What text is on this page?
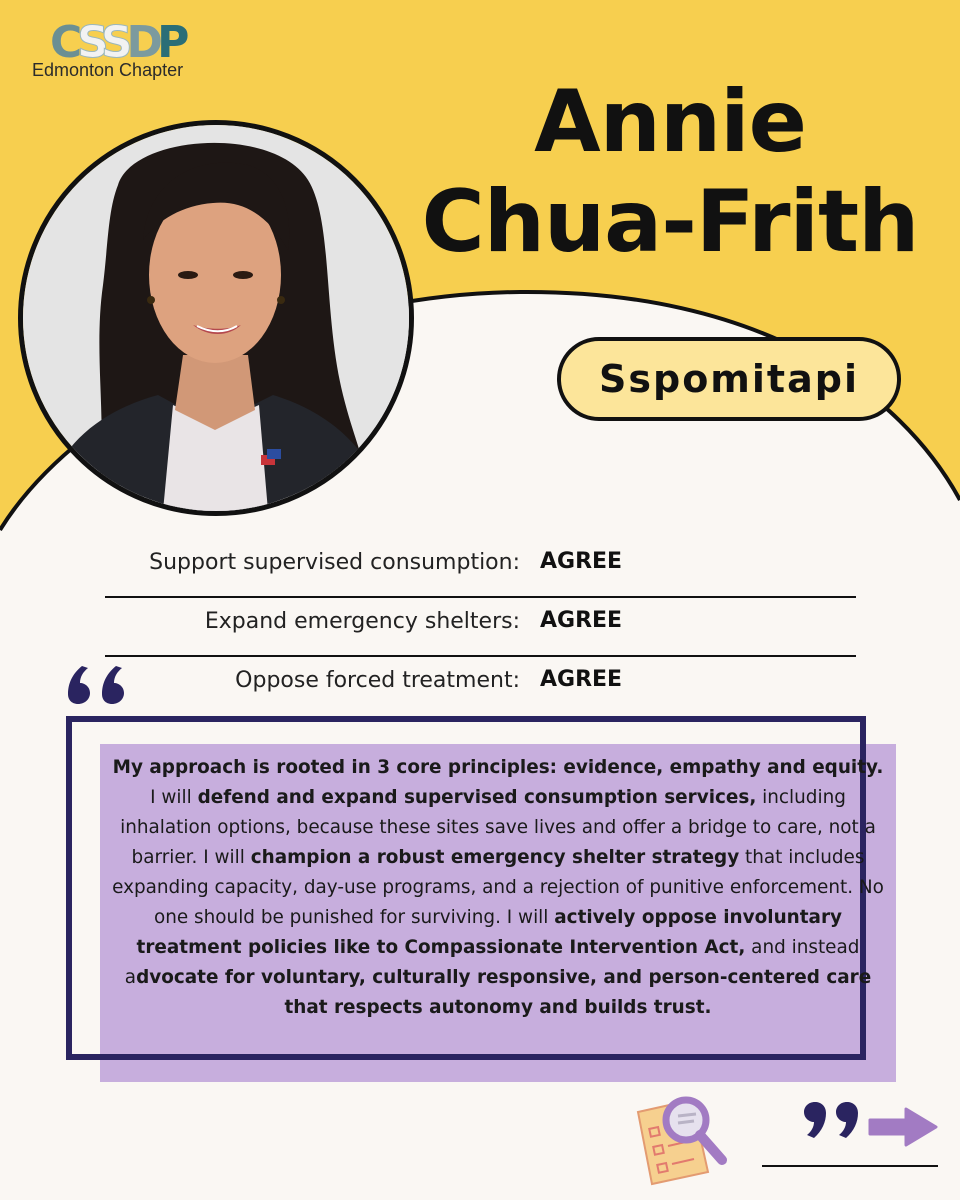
CSSDP
Edmonton Chapter
Annie
Chua-Frith
Sspomitapi
Support supervised consumption: AGREE
Expand emergency shelters: AGREE
Oppose forced treatment: AGREE
My approach is rooted in 3 core principles: evidence, empathy and equity. I will defend and expand supervised consumption services, including inhalation options, because these sites save lives and offer a bridge to care, not a barrier. I will champion a robust emergency shelter strategy that includes expanding capacity, day-use programs, and a rejection of punitive enforcement. No one should be punished for surviving. I will actively oppose involuntary treatment policies like to Compassionate Intervention Act, and instead advocate for voluntary, culturally responsive, and person-centered care that respects autonomy and builds trust.
